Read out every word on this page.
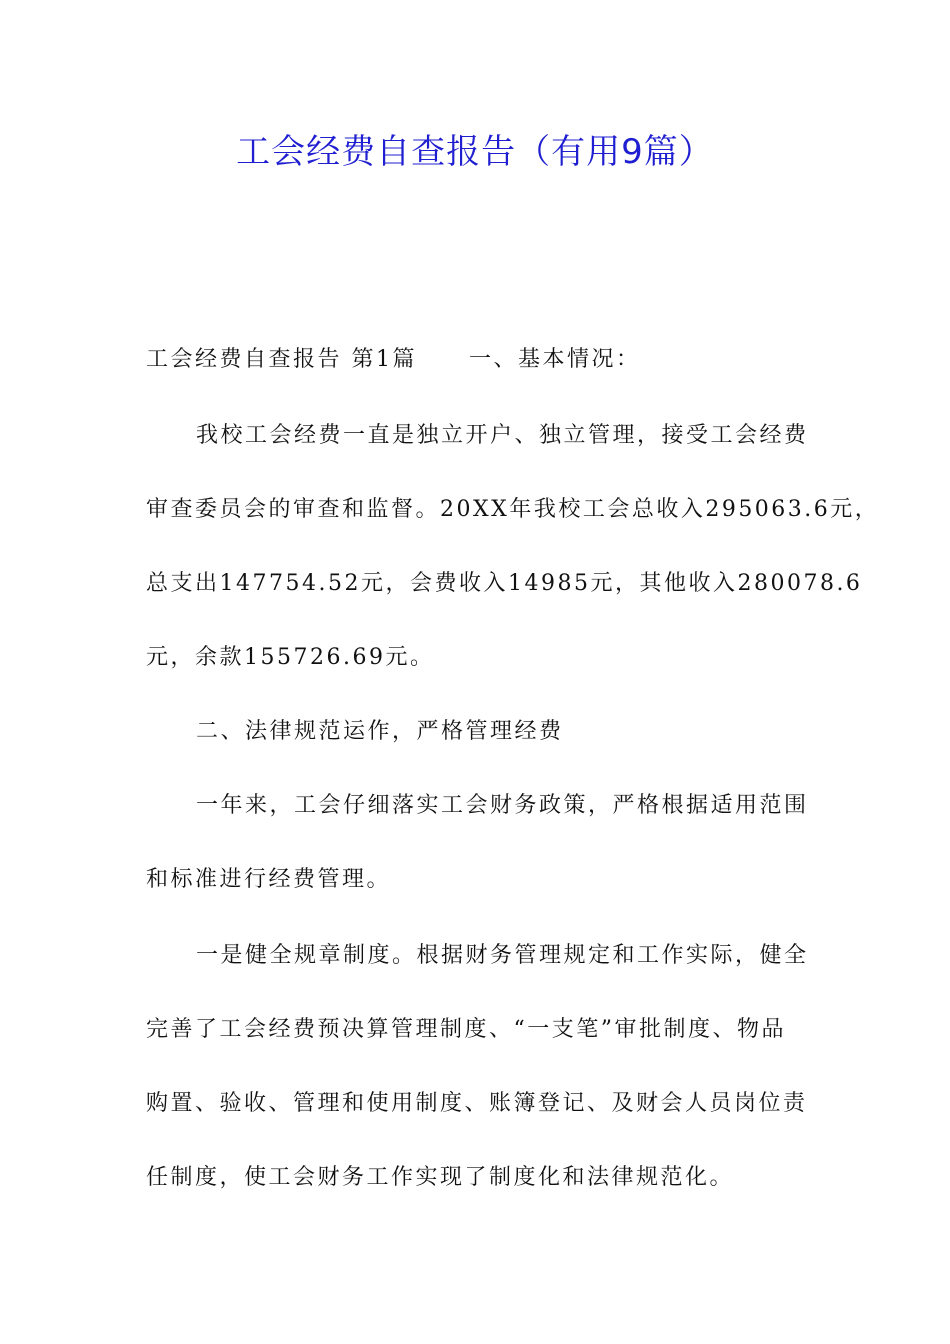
工会经费自查报告（有用9篇）

工会经费自查报告 第1篇 一、基本情况：

我校工会经费一直是独立开户、独立管理，接受工会经费

审查委员会的审查和监督。20XX年我校工会总收入295063.6元，

总支出147754.52元，会费收入14985元，其他收入280078.6

元，余款155726.69元。

二、法律规范运作，严格管理经费

一年来，工会仔细落实工会财务政策，严格根据适用范围

和标准进行经费管理。

一是健全规章制度。根据财务管理规定和工作实际，健全

完善了工会经费预决算管理制度、“一支笔”审批制度、物品

购置、验收、管理和使用制度、账簿登记、及财会人员岗位责

任制度，使工会财务工作实现了制度化和法律规范化。
